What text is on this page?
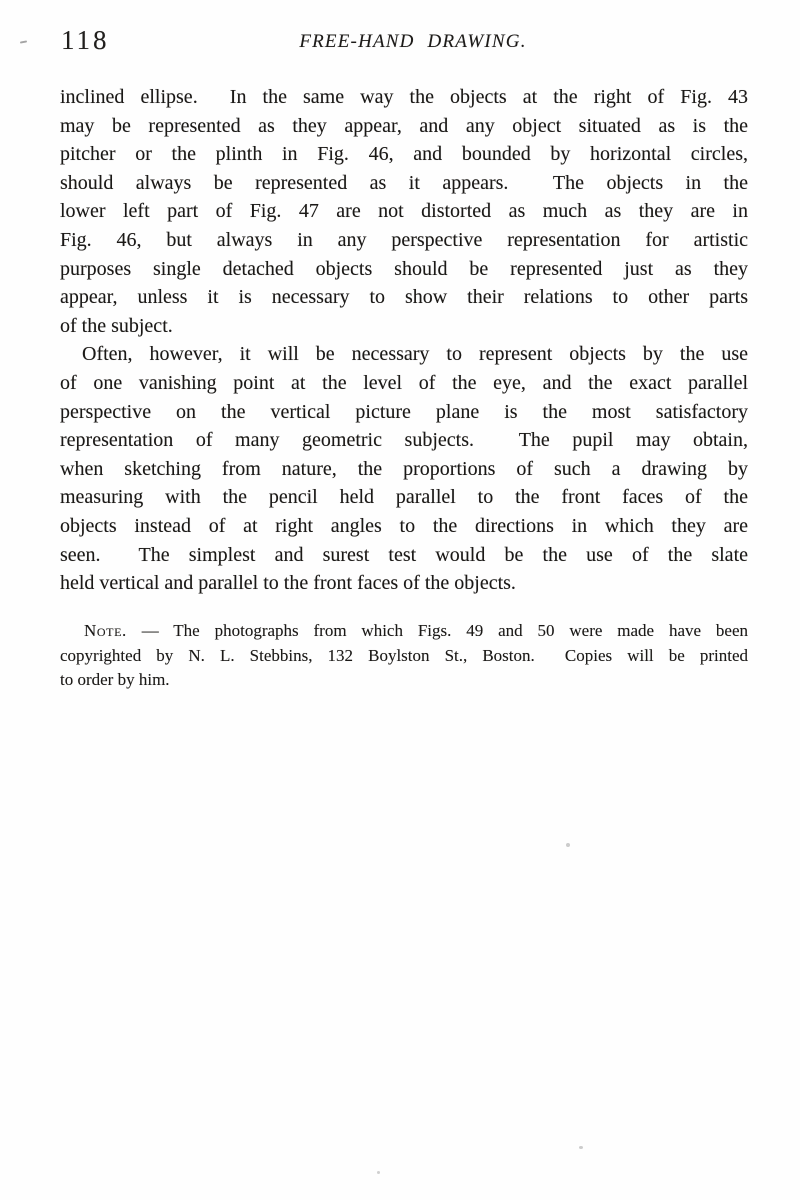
118	FREE-HAND DRAWING.
inclined ellipse.  In the same way the objects at the right of Fig. 43
may be represented as they appear, and any object situated as is the
pitcher or the plinth in Fig. 46, and bounded by horizontal circles,
should always be represented as it appears.  The objects in the
lower left part of Fig. 47 are not distorted as much as they are in
Fig. 46, but always in any perspective representation for artistic
purposes single detached objects should be represented just as they
appear, unless it is necessary to show their relations to other parts
of the subject.
Often, however, it will be necessary to represent objects by the use
of one vanishing point at the level of the eye, and the exact parallel
perspective on the vertical picture plane is the most satisfactory
representation of many geometric subjects.  The pupil may obtain,
when sketching from nature, the proportions of such a drawing by
measuring with the pencil held parallel to the front faces of the
objects instead of at right angles to the directions in which they are
seen.  The simplest and surest test would be the use of the slate
held vertical and parallel to the front faces of the objects.
Note. — The photographs from which Figs. 49 and 50 were made have been
copyrighted by N. L. Stebbins, 132 Boylston St., Boston.  Copies will be printed
to order by him.
